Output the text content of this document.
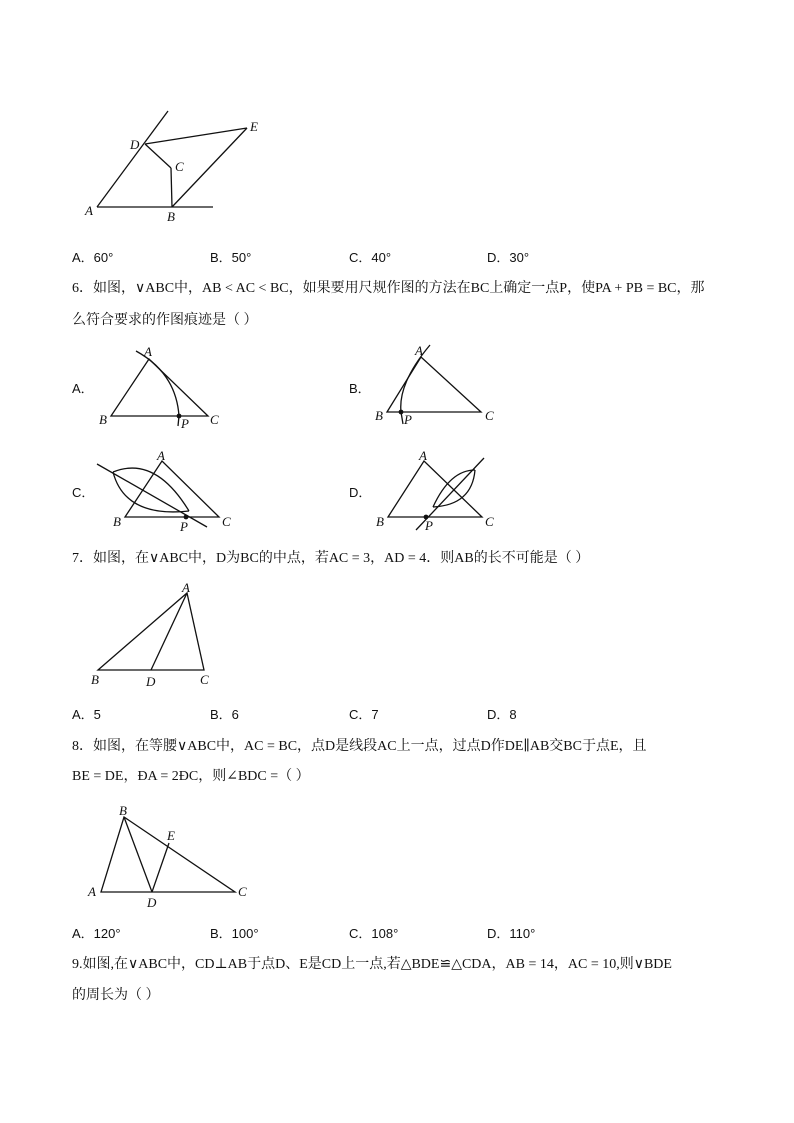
A	B
C
D
E
A．60°	B．50°	C．40°	D．30°
6．如图，∨ABC中，AB < AC < BC，如果要用尺规作图的方法在BC上确定一点P，使PA + PB = BC，那
么符合要求的作图痕迹是（ ）
A．	B．
C．	D．
A
B	C
P
A
B	C
P
A
B	C
P
A
B	C
P
7．如图，在∨ABC中，D为BC的中点，若AC = 3，AD = 4．则AB的长不可能是（ ）
A
B	C
D
A．5	B．6	C．7	D．8
8．如图，在等腰∨ABC中，AC = BC，点D是线段AC上一点，过点D作DE∥AB交BC于点E，且
BE = DE，ÐA = 2ÐC，则∠BDC =（ ）
A
B
C
D
E
A．120°	B．100°	C．108°	D．110°
9.如图,在∨ABC中，CD⊥AB于点D、E是CD上一点,若△BDE≌△CDA，AB = 14，AC = 10,则∨BDE
的周长为（ ）
